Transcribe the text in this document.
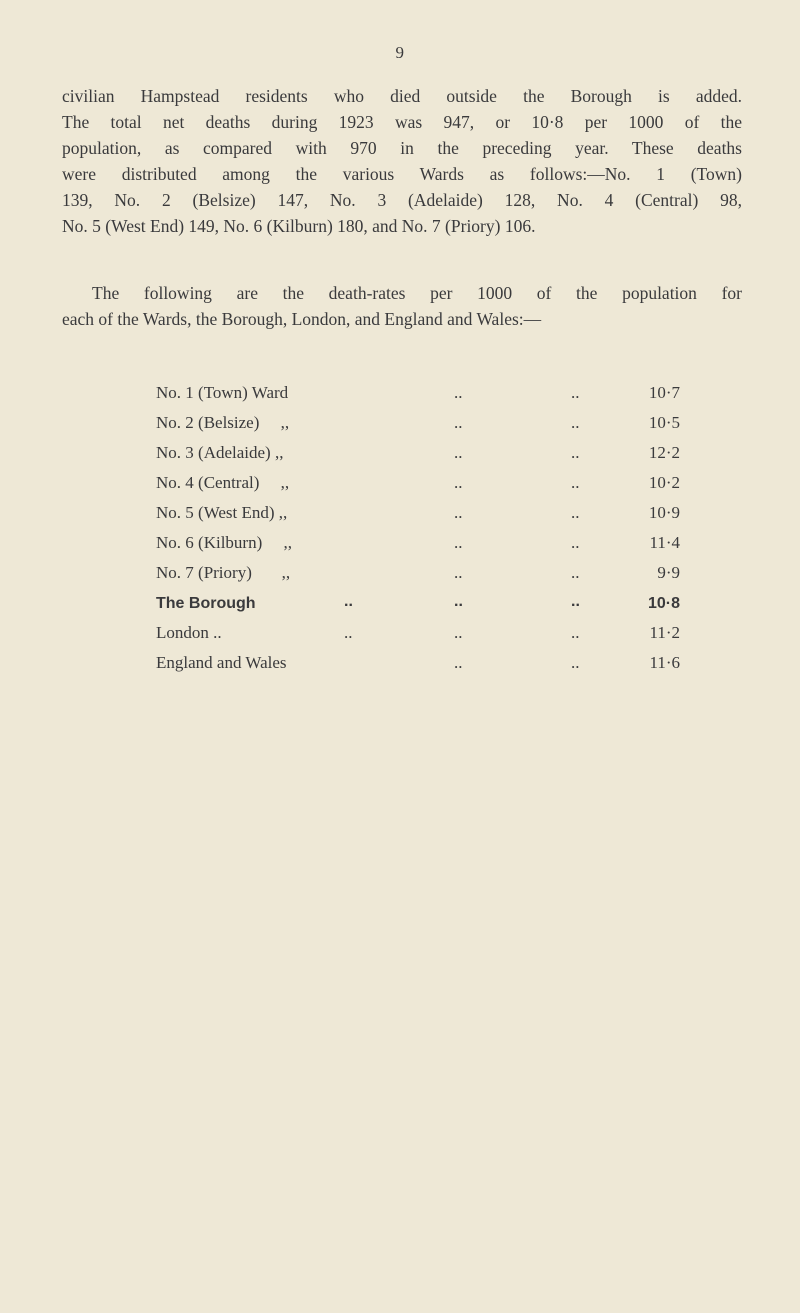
9

civilian Hampstead residents who died outside the Borough is added.
The total net deaths during 1923 was 947, or 10·8 per 1000 of the
population, as compared with 970 in the preceding year. These deaths
were distributed among the various Wards as follows:—No. 1 (Town)
139, No. 2 (Belsize) 147, No. 3 (Adelaide) 128, No. 4 (Central) 98,
No. 5 (West End) 149, No. 6 (Kilburn) 180, and No. 7 (Priory) 106.

The following are the death-rates per 1000 of the population for
each of the Wards, the Borough, London, and England and Wales:—

No. 1 (Town) Ward	..	..	10·7
No. 2 (Belsize)     ,,	..	..	10·5
No. 3 (Adelaide) ,,	..	..	12·2
No. 4 (Central)     ,,	..	..	10·2
No. 5 (West End) ,,	..	..	10·9
No. 6 (Kilburn)     ,,	..	..	11·4
No. 7 (Priory)       ,,	..	..	9·9
The Borough	..	..	..	10·8
London ..	..	..	..	11·2
England and Wales	..	..	11·6
